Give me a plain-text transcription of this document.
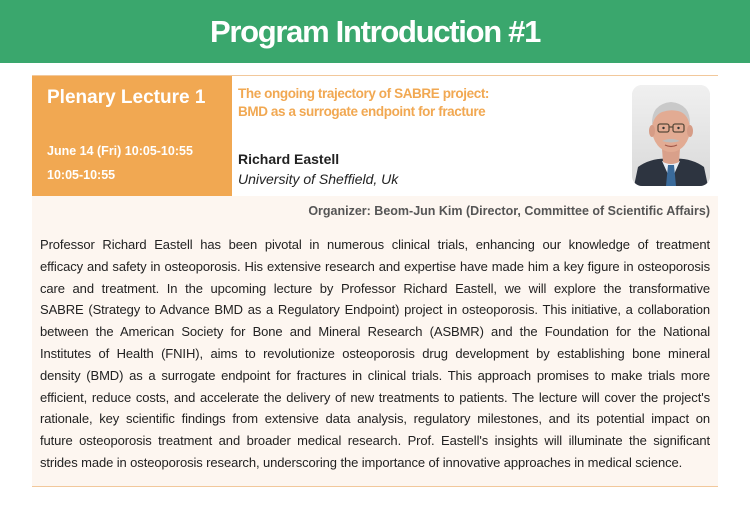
Program Introduction #1
Plenary Lecture 1
June 14 (Fri) 10:05-10:55
10:05-10:55
The ongoing trajectory of SABRE project:
BMD as a surrogate endpoint for fracture
Richard Eastell
University of Sheffield, Uk
Organizer: Beom-Jun Kim (Director, Committee of Scientific Affairs)
Professor Richard Eastell has been pivotal in numerous clinical trials, enhancing our knowledge of treatment
efficacy and safety in osteoporosis. His extensive research and expertise have made him a key figure in osteoporosis
care and treatment. In the upcoming lecture by Professor Richard Eastell, we will explore the transformative
SABRE (Strategy to Advance BMD as a Regulatory Endpoint) project in osteoporosis. This initiative, a collaboration
between the American Society for Bone and Mineral Research (ASBMR) and the Foundation for the National
Institutes of Health (FNIH), aims to revolutionize osteoporosis drug development by establishing bone mineral
density (BMD) as a surrogate endpoint for fractures in clinical trials. This approach promises to make trials more
efficient, reduce costs, and accelerate the delivery of new treatments to patients. The lecture will cover the project's
rationale, key scientific findings from extensive data analysis, regulatory milestones, and its potential impact on
future osteoporosis treatment and broader medical research. Prof. Eastell's insights will illuminate the significant
strides made in osteoporosis research, underscoring the importance of innovative approaches in medical science.
